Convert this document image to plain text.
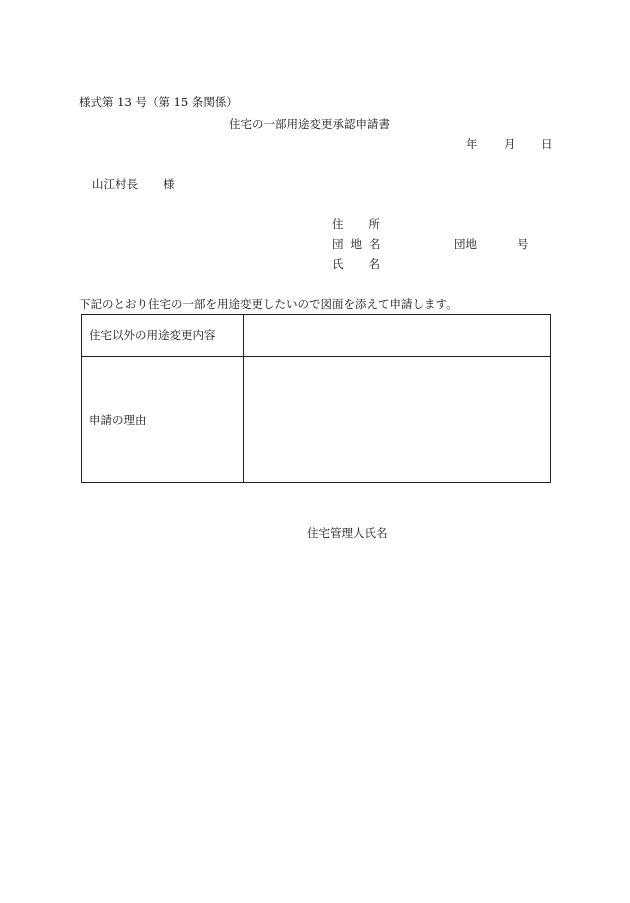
様式第 13 号（第 15 条関係）
住宅の一部用途変更承認申請書
年 月 日
山江村長 様
住 所
団 地 名
氏 名
団地	号
下記のとおり住宅の一部を用途変更したいので図面を添えて申請します。
住宅以外の用途変更内容
申請の理由
住宅管理人氏名
